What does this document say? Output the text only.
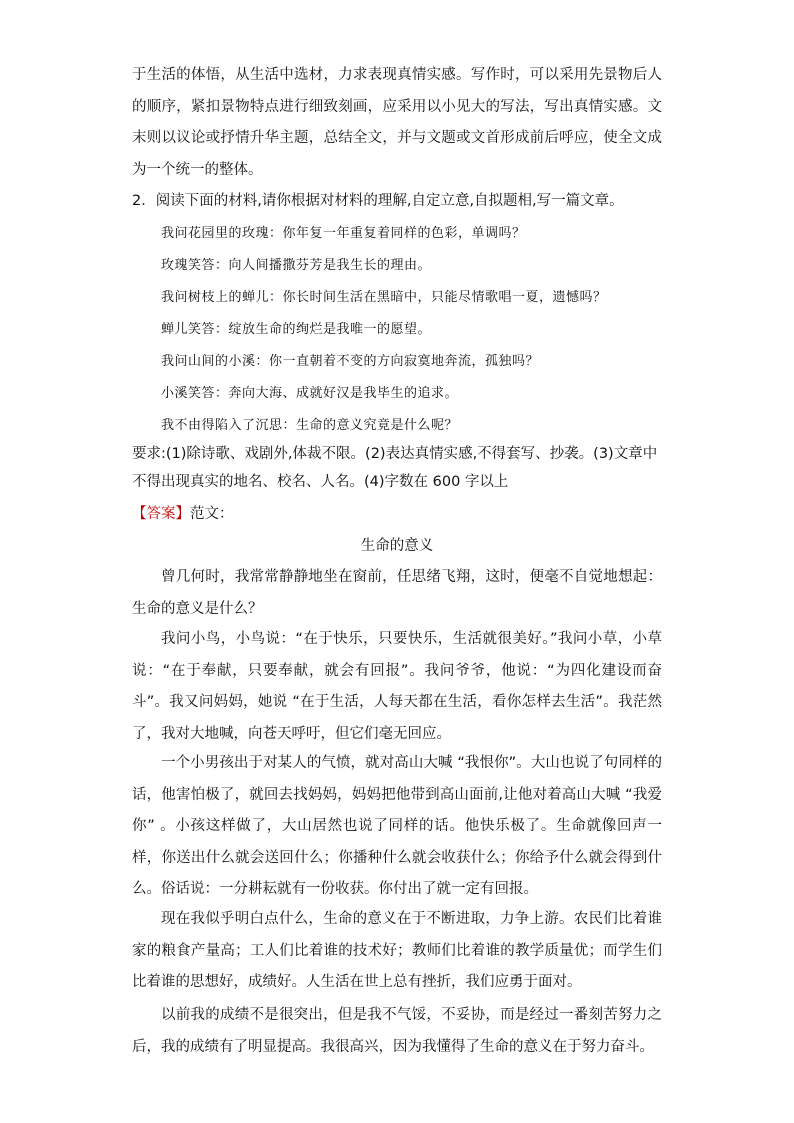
于生活的体悟，从生活中选材，力求表现真情实感。写作时，可以采用先景物后人的顺序，紧扣景物特点进行细致刻画，应采用以小见大的写法，写出真情实感。文末则以议论或抒情升华主题，总结全文，并与文题或文首形成前后呼应，使全文成为一个统一的整体。

2．阅读下面的材料,请你根据对材料的理解,自定立意,自拟题相,写一篇文章。

我问花园里的玫瑰：你年复一年重复着同样的色彩，单调吗？

玫瑰笑答：向人间播撒芬芳是我生长的理由。

我问树枝上的蝉儿：你长时间生活在黑暗中，只能尽情歌唱一夏，遗憾吗？

蝉儿笑答：绽放生命的绚烂是我唯一的愿望。

我问山间的小溪：你一直朝着不变的方向寂寞地奔流，孤独吗？

小溪笑答：奔向大海、成就好汉是我毕生的追求。

我不由得陷入了沉思：生命的意义究竟是什么呢？

要求:(1)除诗歌、戏剧外,体裁不限。(2)表达真情实感,不得套写、抄袭。(3)文章中不得出现真实的地名、校名、人名。(4)字数在 600 字以上

【答案】范文：

生命的意义

曾几何时，我常常静静地坐在窗前，任思绪飞翔，这时，便毫不自觉地想起：生命的意义是什么？

我问小鸟，小鸟说：“在于快乐，只要快乐，生活就很美好。”我问小草，小草说：“在于奉献，只要奉献，就会有回报”。我问爷爷，他说：“为四化建设而奋斗”。我又问妈妈，她说 “在于生活，人每天都在生活，看你怎样去生活”。我茫然了，我对大地喊，向苍天呼吁，但它们毫无回应。

一个小男孩出于对某人的气愤，就对高山大喊 “我恨你”。大山也说了句同样的话，他害怕极了，就回去找妈妈，妈妈把他带到高山面前,让他对着高山大喊 “我爱你” 。小孩这样做了，大山居然也说了同样的话。他快乐极了。生命就像回声一样，你送出什么就会送回什么；你播种什么就会收获什么；你给予什么就会得到什么。俗话说：一分耕耘就有一份收获。你付出了就一定有回报。

现在我似乎明白点什么，生命的意义在于不断进取，力争上游。农民们比着谁家的粮食产量高；工人们比着谁的技术好；教师们比着谁的教学质量优；而学生们比着谁的思想好，成绩好。人生活在世上总有挫折，我们应勇于面对。

以前我的成绩不是很突出，但是我不气馁，不妥协，而是经过一番刻苦努力之后，我的成绩有了明显提高。我很高兴，因为我懂得了生命的意义在于努力奋斗。
